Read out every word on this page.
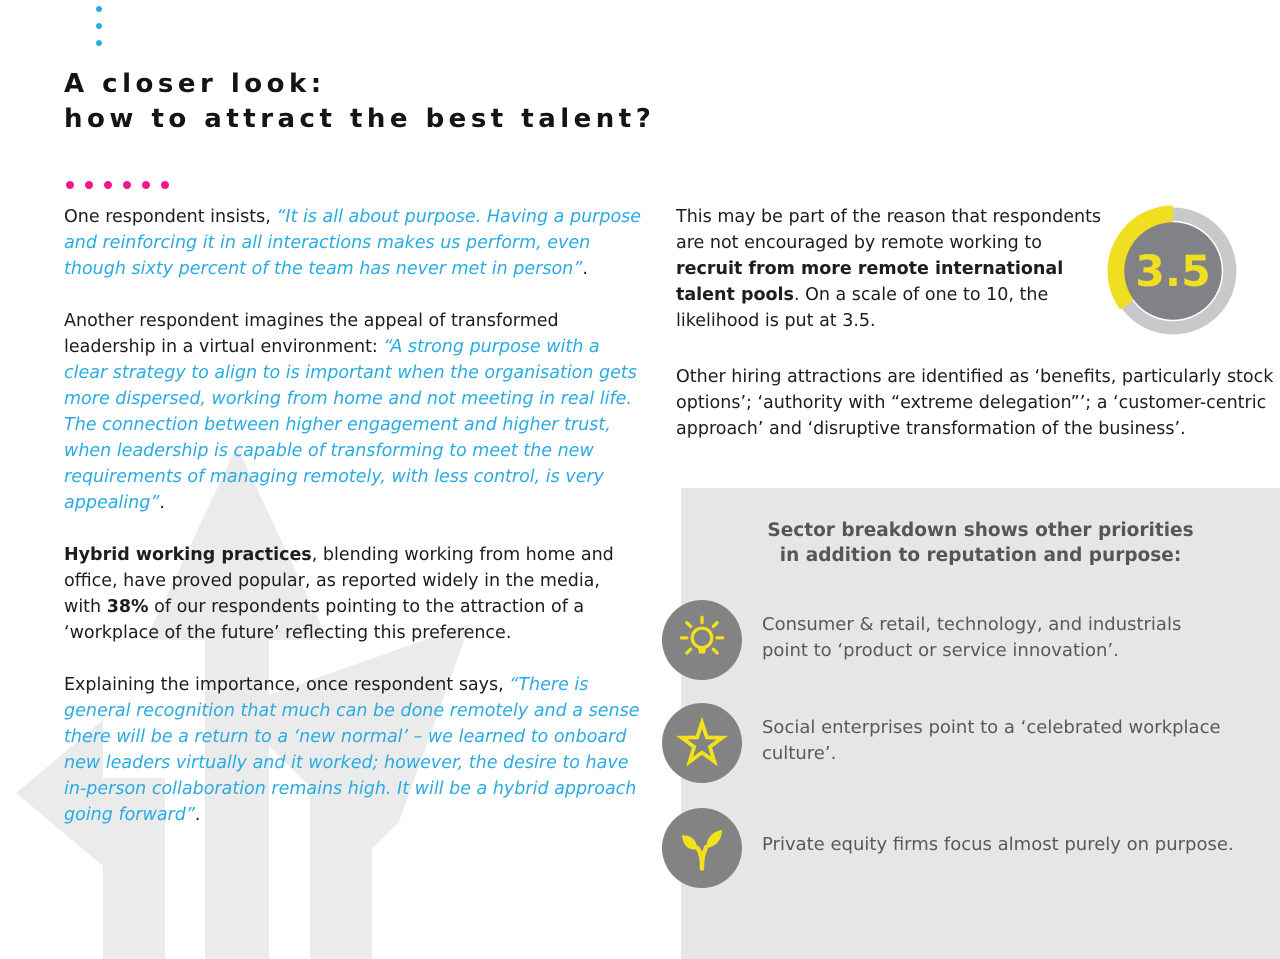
A closer look:
how to attract the best talent?

One respondent insists, “It is all about purpose. Having a purpose and reinforcing it in all interactions makes us perform, even though sixty percent of the team has never met in person”.

Another respondent imagines the appeal of transformed leadership in a virtual environment: “A strong purpose with a clear strategy to align to is important when the organisation gets more dispersed, working from home and not meeting in real life. The connection between higher engagement and higher trust, when leadership is capable of transforming to meet the new requirements of managing remotely, with less control, is very appealing”.

Hybrid working practices, blending working from home and office, have proved popular, as reported widely in the media, with 38% of our respondents pointing to the attraction of a ‘workplace of the future’ reflecting this preference.

Explaining the importance, once respondent says, “There is general recognition that much can be done remotely and a sense there will be a return to a ‘new normal’ – we learned to onboard new leaders virtually and it worked; however, the desire to have in-person collaboration remains high. It will be a hybrid approach going forward”.

This may be part of the reason that respondents are not encouraged by remote working to recruit from more remote international talent pools. On a scale of one to 10, the likelihood is put at 3.5.

3.5

Other hiring attractions are identified as ‘benefits, particularly stock options’; ‘authority with “extreme delegation”’; a ‘customer-centric approach’ and ‘disruptive transformation of the business’.

Sector breakdown shows other priorities
in addition to reputation and purpose:
Consumer & retail, technology, and industrials point to ‘product or service innovation’.
Social enterprises point to a ‘celebrated workplace culture’.
Private equity firms focus almost purely on purpose.
